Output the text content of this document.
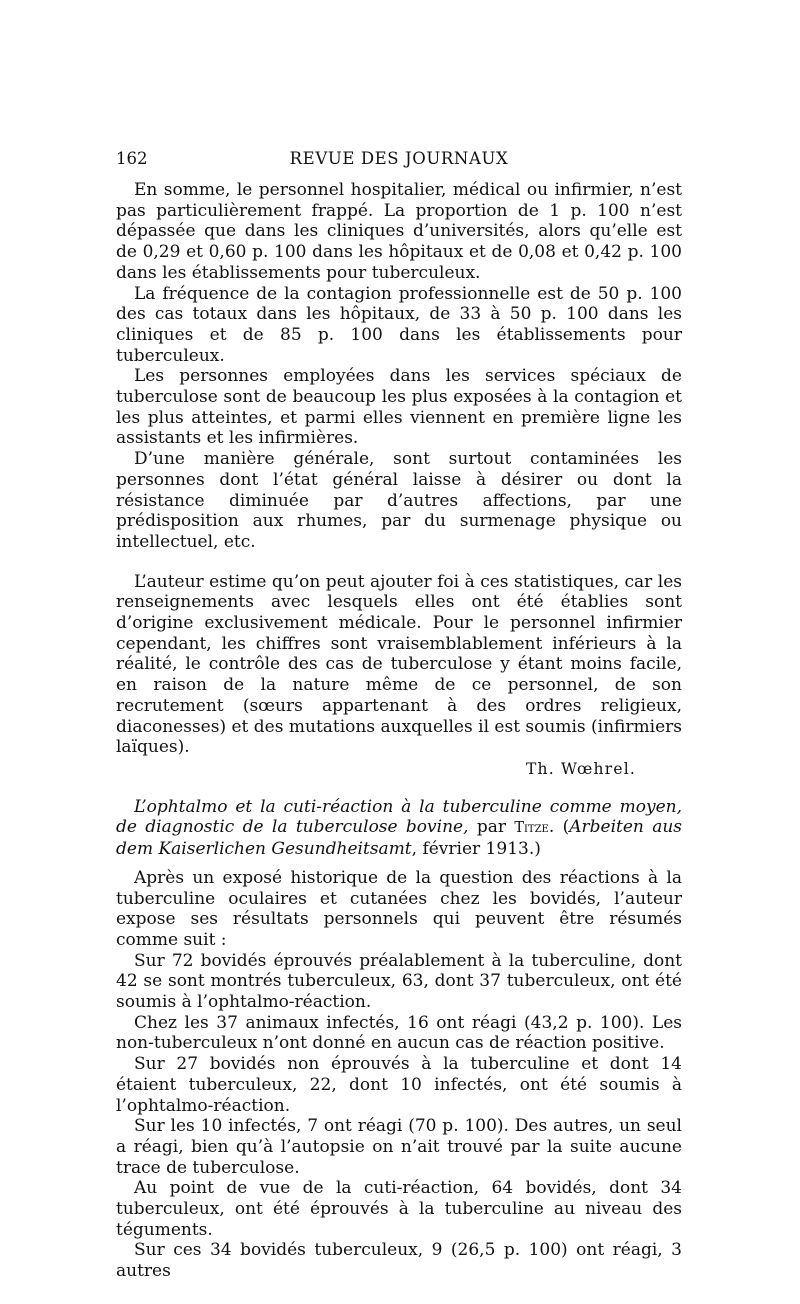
162	REVUE DES JOURNAUX

En somme, le personnel hospitalier, médical ou infirmier, n’est pas particulièrement frappé. La proportion de 1 p. 100 n’est dépassée que dans les cliniques d’universités, alors qu’elle est de 0,29 et 0,60 p. 100 dans les hôpitaux et de 0,08 et 0,42 p. 100 dans les établissements pour tuberculeux.

La fréquence de la contagion professionnelle est de 50 p. 100 des cas totaux dans les hôpitaux, de 33 à 50 p. 100 dans les cliniques et de 85 p. 100 dans les établissements pour tuberculeux.

Les personnes employées dans les services spéciaux de tuberculose sont de beaucoup les plus exposées à la contagion et les plus atteintes, et parmi elles viennent en première ligne les assistants et les infirmières.

D’une manière générale, sont surtout contaminées les personnes dont l’état général laisse à désirer ou dont la résistance diminuée par d’autres affections, par une prédisposition aux rhumes, par du surmenage physique ou intellectuel, etc.

L’auteur estime qu’on peut ajouter foi à ces statistiques, car les renseignements avec lesquels elles ont été établies sont d’origine exclusivement médicale. Pour le personnel infirmier cependant, les chiffres sont vraisemblablement inférieurs à la réalité, le contrôle des cas de tuberculose y étant moins facile, en raison de la nature même de ce personnel, de son recrutement (sœurs appartenant à des ordres religieux, diaconesses) et des mutations auxquelles il est soumis (infirmiers laïques).

Th. Wœhrel.

L’ophtalmo et la cuti-réaction à la tuberculine comme moyen, de diagnostic de la tuberculose bovine, par Titze. (Arbeiten aus dem Kaiserlichen Gesundheitsamt, février 1913.)

Après un exposé historique de la question des réactions à la tuberculine oculaires et cutanées chez les bovidés, l’auteur expose ses résultats personnels qui peuvent être résumés comme suit :

Sur 72 bovidés éprouvés préalablement à la tuberculine, dont 42 se sont montrés tuberculeux, 63, dont 37 tuberculeux, ont été soumis à l’ophtalmo-réaction.

Chez les 37 animaux infectés, 16 ont réagi (43,2 p. 100). Les non-tuberculeux n’ont donné en aucun cas de réaction positive.

Sur 27 bovidés non éprouvés à la tuberculine et dont 14 étaient tuberculeux, 22, dont 10 infectés, ont été soumis à l’ophtalmo-réaction.

Sur les 10 infectés, 7 ont réagi (70 p. 100). Des autres, un seul a réagi, bien qu’à l’autopsie on n’ait trouvé par la suite aucune trace de tuberculose.

Au point de vue de la cuti-réaction, 64 bovidés, dont 34 tuberculeux, ont été éprouvés à la tuberculine au niveau des téguments.

Sur ces 34 bovidés tuberculeux, 9 (26,5 p. 100) ont réagi, 3 autres
